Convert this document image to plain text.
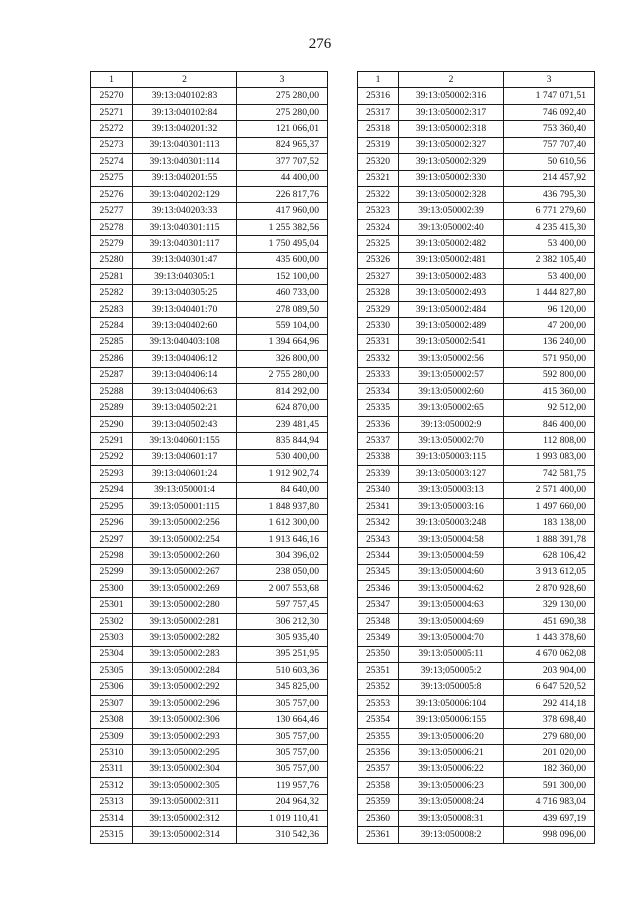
276
1	2	3
25270	39:13:040102:83	275 280,00
25271	39:13:040102:84	275 280,00
25272	39:13:040201:32	121 066,01
25273	39:13:040301:113	824 965,37
25274	39:13:040301:114	377 707,52
25275	39:13:040201:55	44 400,00
25276	39:13:040202:129	226 817,76
25277	39:13:040203:33	417 960,00
25278	39:13:040301:115	1 255 382,56
25279	39:13:040301:117	1 750 495,04
25280	39:13:040301:47	435 600,00
25281	39:13:040305:1	152 100,00
25282	39:13:040305:25	460 733,00
25283	39:13:040401:70	278 089,50
25284	39:13:040402:60	559 104,00
25285	39:13:040403:108	1 394 664,96
25286	39:13:040406:12	326 800,00
25287	39:13:040406:14	2 755 280,00
25288	39:13:040406:63	814 292,00
25289	39:13:040502:21	624 870,00
25290	39:13:040502:43	239 481,45
25291	39:13:040601:155	835 844,94
25292	39:13:040601:17	530 400,00
25293	39:13:040601:24	1 912 902,74
25294	39:13:050001:4	84 640,00
25295	39:13:050001:115	1 848 937,80
25296	39:13:050002:256	1 612 300,00
25297	39:13:050002:254	1 913 646,16
25298	39:13:050002:260	304 396,02
25299	39:13:050002:267	238 050,00
25300	39:13:050002:269	2 007 553,68
25301	39:13:050002:280	597 757,45
25302	39:13:050002:281	306 212,30
25303	39:13:050002:282	305 935,40
25304	39:13:050002:283	395 251,95
25305	39:13:050002:284	510 603,36
25306	39:13:050002:292	345 825,00
25307	39:13:050002:296	305 757,00
25308	39:13:050002:306	130 664,46
25309	39:13:050002:293	305 757,00
25310	39:13:050002:295	305 757,00
25311	39:13:050002:304	305 757,00
25312	39:13:050002:305	119 957,76
25313	39:13:050002:311	204 964,32
25314	39:13:050002:312	1 019 110,41
25315	39:13:050002:314	310 542,36
1	2	3
25316	39:13:050002:316	1 747 071,51
25317	39:13:050002:317	746 092,40
25318	39:13:050002:318	753 360,40
25319	39:13:050002:327	757 707,40
25320	39:13:050002:329	50 610,56
25321	39:13:050002:330	214 457,92
25322	39:13:050002:328	436 795,30
25323	39:13:050002:39	6 771 279,60
25324	39:13:050002:40	4 235 415,30
25325	39:13:050002:482	53 400,00
25326	39:13:050002:481	2 382 105,40
25327	39:13:050002:483	53 400,00
25328	39:13:050002:493	1 444 827,80
25329	39:13:050002:484	96 120,00
25330	39:13:050002:489	47 200,00
25331	39:13:050002:541	136 240,00
25332	39:13:050002:56	571 950,00
25333	39:13:050002:57	592 800,00
25334	39:13:050002:60	415 360,00
25335	39:13:050002:65	92 512,00
25336	39:13:050002:9	846 400,00
25337	39:13:050002:70	112 808,00
25338	39:13:050003:115	1 993 083,00
25339	39:13:050003:127	742 581,75
25340	39:13:050003:13	2 571 400,00
25341	39:13:050003:16	1 497 660,00
25342	39:13:050003:248	183 138,00
25343	39:13:050004:58	1 888 391,78
25344	39:13:050004:59	628 106,42
25345	39:13:050004:60	3 913 612,05
25346	39:13:050004:62	2 870 928,60
25347	39:13:050004:63	329 130,00
25348	39:13:050004:69	451 690,38
25349	39:13:050004:70	1 443 378,60
25350	39:13:050005:11	4 670 062,08
25351	39:13;050005:2	203 904,00
25352	39:13:050005:8	6 647 520,52
25353	39:13:050006:104	292 414,18
25354	39:13:050006:155	378 698,40
25355	39:13:050006:20	279 680,00
25356	39:13:050006:21	201 020,00
25357	39:13:050006:22	182 360,00
25358	39:13:050006:23	591 300,00
25359	39:13:050008:24	4 716 983,04
25360	39:13:050008:31	439 697,19
25361	39:13:050008:2	998 096,00
